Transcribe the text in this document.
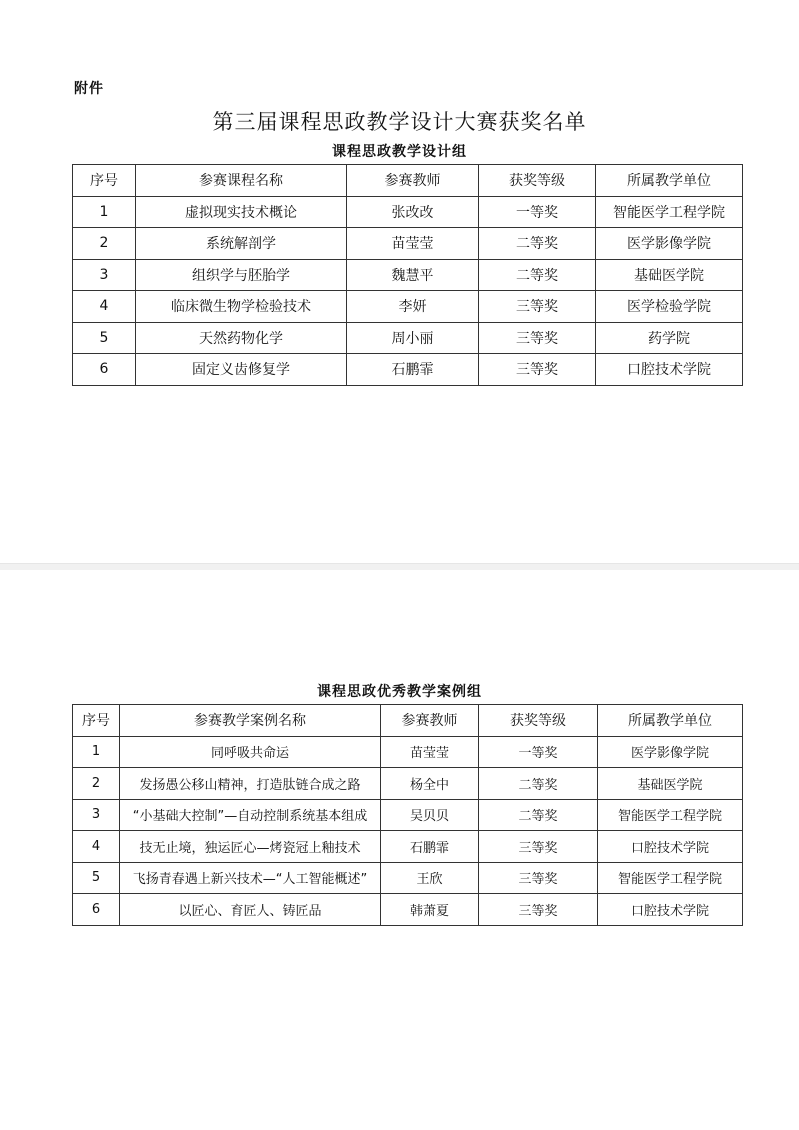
附件
第三届课程思政教学设计大赛获奖名单
课程思政教学设计组
序号	参赛课程名称	参赛教师	获奖等级	所属教学单位
1	虚拟现实技术概论	张改改	一等奖	智能医学工程学院
2	系统解剖学	苗莹莹	二等奖	医学影像学院
3	组织学与胚胎学	魏慧平	二等奖	基础医学院
4	临床微生物学检验技术	李妍	三等奖	医学检验学院
5	天然药物化学	周小丽	三等奖	药学院
6	固定义齿修复学	石鹏霏	三等奖	口腔技术学院
课程思政优秀教学案例组
序号	参赛教学案例名称	参赛教师	获奖等级	所属教学单位
1	同呼吸共命运	苗莹莹	一等奖	医学影像学院
2	发扬愚公移山精神，打造肽链合成之路	杨全中	二等奖	基础医学院
3	“小基础大控制”—自动控制系统基本组成	吴贝贝	二等奖	智能医学工程学院
4	技无止境，独运匠心—烤瓷冠上釉技术	石鹏霏	三等奖	口腔技术学院
5	飞扬青春遇上新兴技术—“人工智能概述”	王欣	三等奖	智能医学工程学院
6	以匠心、育匠人、铸匠品	韩萧夏	三等奖	口腔技术学院
